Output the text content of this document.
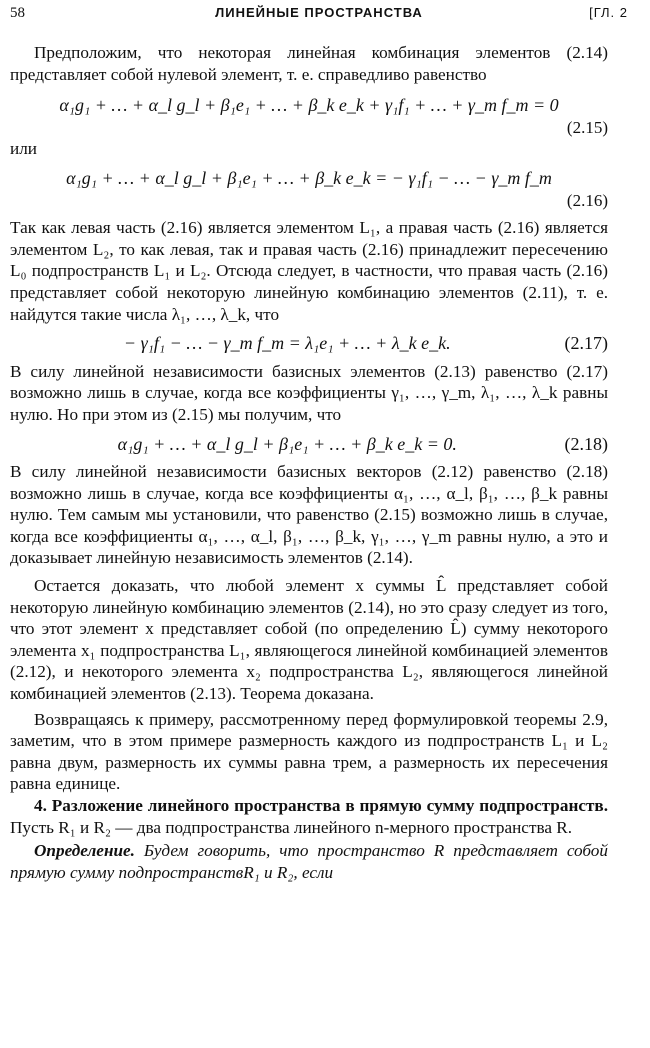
58	ЛИНЕЙНЫЕ ПРОСТРАНСТВА	[ГЛ. 2

Предположим, что некоторая линейная комбинация элементов (2.14) представляет собой нулевой элемент, т. е. справедливо равенство

α₁g₁ + … + α_l g_l + β₁e₁ + … + β_k e_k + γ₁f₁ + … + γ_m f_m = 0
(2.15)

или

α₁g₁ + … + α_l g_l + β₁e₁ + … + β_k e_k = − γ₁f₁ − … − γ_m f_m
(2.16)

Так как левая часть (2.16) является элементом L₁, а правая часть (2.16) является элементом L₂, то как левая, так и правая часть (2.16) принадлежит пересечению L₀ подпространств L₁ и L₂. Отсюда следует, в частности, что правая часть (2.16) представляет собой некоторую линейную комбинацию элементов (2.11), т. е. найдутся такие числа λ₁, …, λ_k, что

− γ₁f₁ − … − γ_m f_m = λ₁e₁ + … + λ_k e_k.	(2.17)

В силу линейной независимости базисных элементов (2.13) равенство (2.17) возможно лишь в случае, когда все коэффициенты γ₁, …, γ_m, λ₁, …, λ_k равны нулю. Но при этом из (2.15) мы получим, что

α₁g₁ + … + α_l g_l + β₁e₁ + … + β_k e_k = 0.	(2.18)

В силу линейной независимости базисных векторов (2.12) равенство (2.18) возможно лишь в случае, когда все коэффициенты α₁, …, α_l, β₁, …, β_k равны нулю. Тем самым мы установили, что равенство (2.15) возможно лишь в случае, когда все коэффициенты α₁, …, α_l, β₁, …, β_k, γ₁, …, γ_m равны нулю, а это и доказывает линейную независимость элементов (2.14).

Остается доказать, что любой элемент x суммы L̂ представляет собой некоторую линейную комбинацию элементов (2.14), но это сразу следует из того, что этот элемент x представляет собой (по определению L̂) сумму некоторого элемента x₁ подпространства L₁, являющегося линейной комбинацией элементов (2.12), и некоторого элемента x₂ подпространства L₂, являющегося линейной комбинацией элементов (2.13). Теорема доказана.

Возвращаясь к примеру, рассмотренному перед формулировкой теоремы 2.9, заметим, что в этом примере размерность каждого из подпространств L₁ и L₂ равна двум, размерность их суммы равна трем, а размерность их пересечения равна единице.

4. Разложение линейного пространства в прямую сумму подпространств. Пусть R₁ и R₂ — два подпространства линейного n-мерного пространства R.

Определение. Будем говорить, что пространство R представляет собой прямую сумму подпространствR₁ и R₂, если
